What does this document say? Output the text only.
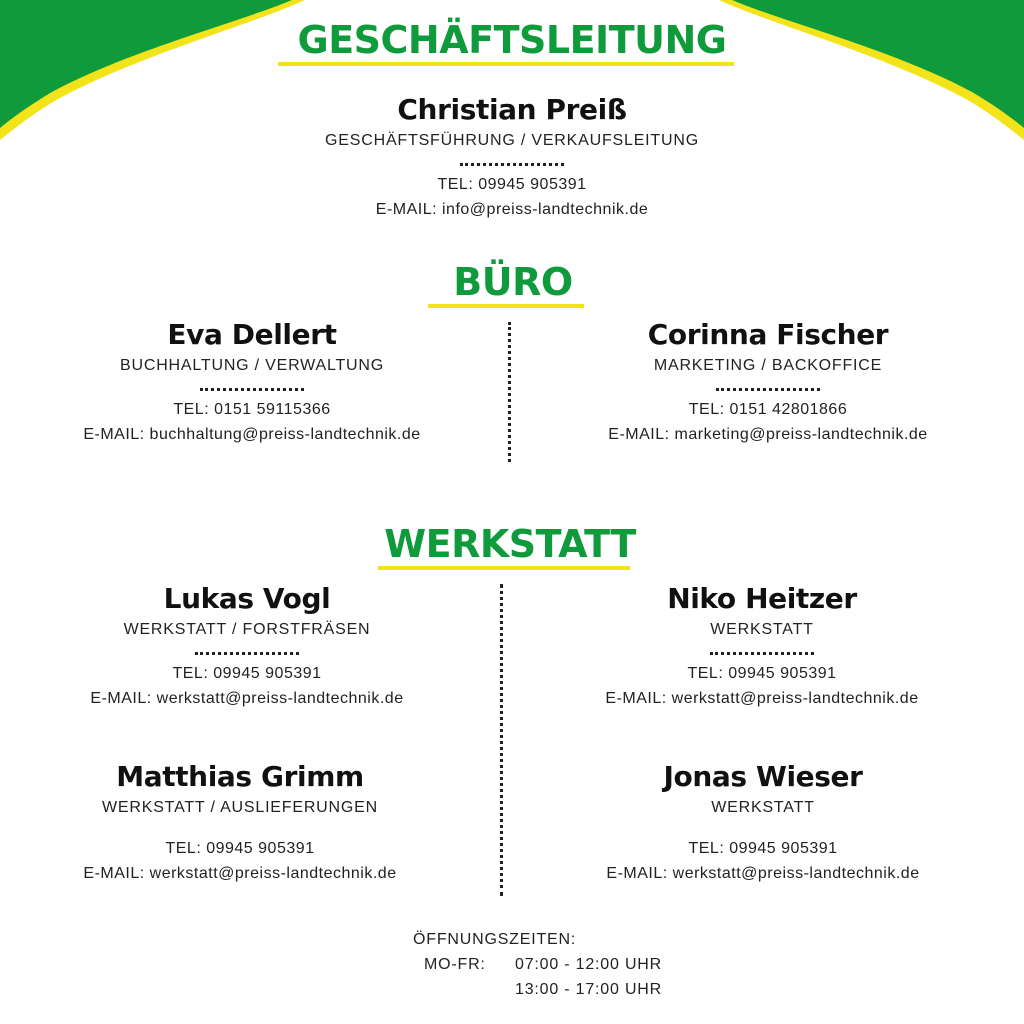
GESCHÄFTSLEITUNG
Christian Preiß
GESCHÄFTSFÜHRUNG / VERKAUFSLEITUNG
TEL: 09945 905391
E-MAIL: info@preiss-landtechnik.de
BÜRO
Eva Dellert
BUCHHALTUNG / VERWALTUNG
TEL: 0151 59115366
E-MAIL: buchhaltung@preiss-landtechnik.de
Corinna Fischer
MARKETING / BACKOFFICE
TEL: 0151 42801866
E-MAIL: marketing@preiss-landtechnik.de
WERKSTATT
Lukas Vogl
WERKSTATT / FORSTFRÄSEN
TEL: 09945 905391
E-MAIL: werkstatt@preiss-landtechnik.de
Niko Heitzer
WERKSTATT
TEL: 09945 905391
E-MAIL: werkstatt@preiss-landtechnik.de
Matthias Grimm
WERKSTATT / AUSLIEFERUNGEN
TEL: 09945 905391
E-MAIL: werkstatt@preiss-landtechnik.de
Jonas Wieser
WERKSTATT
TEL: 09945 905391
E-MAIL: werkstatt@preiss-landtechnik.de
ÖFFNUNGSZEITEN:
MO-FR: 07:00 - 12:00 UHR
13:00 - 17:00 UHR
